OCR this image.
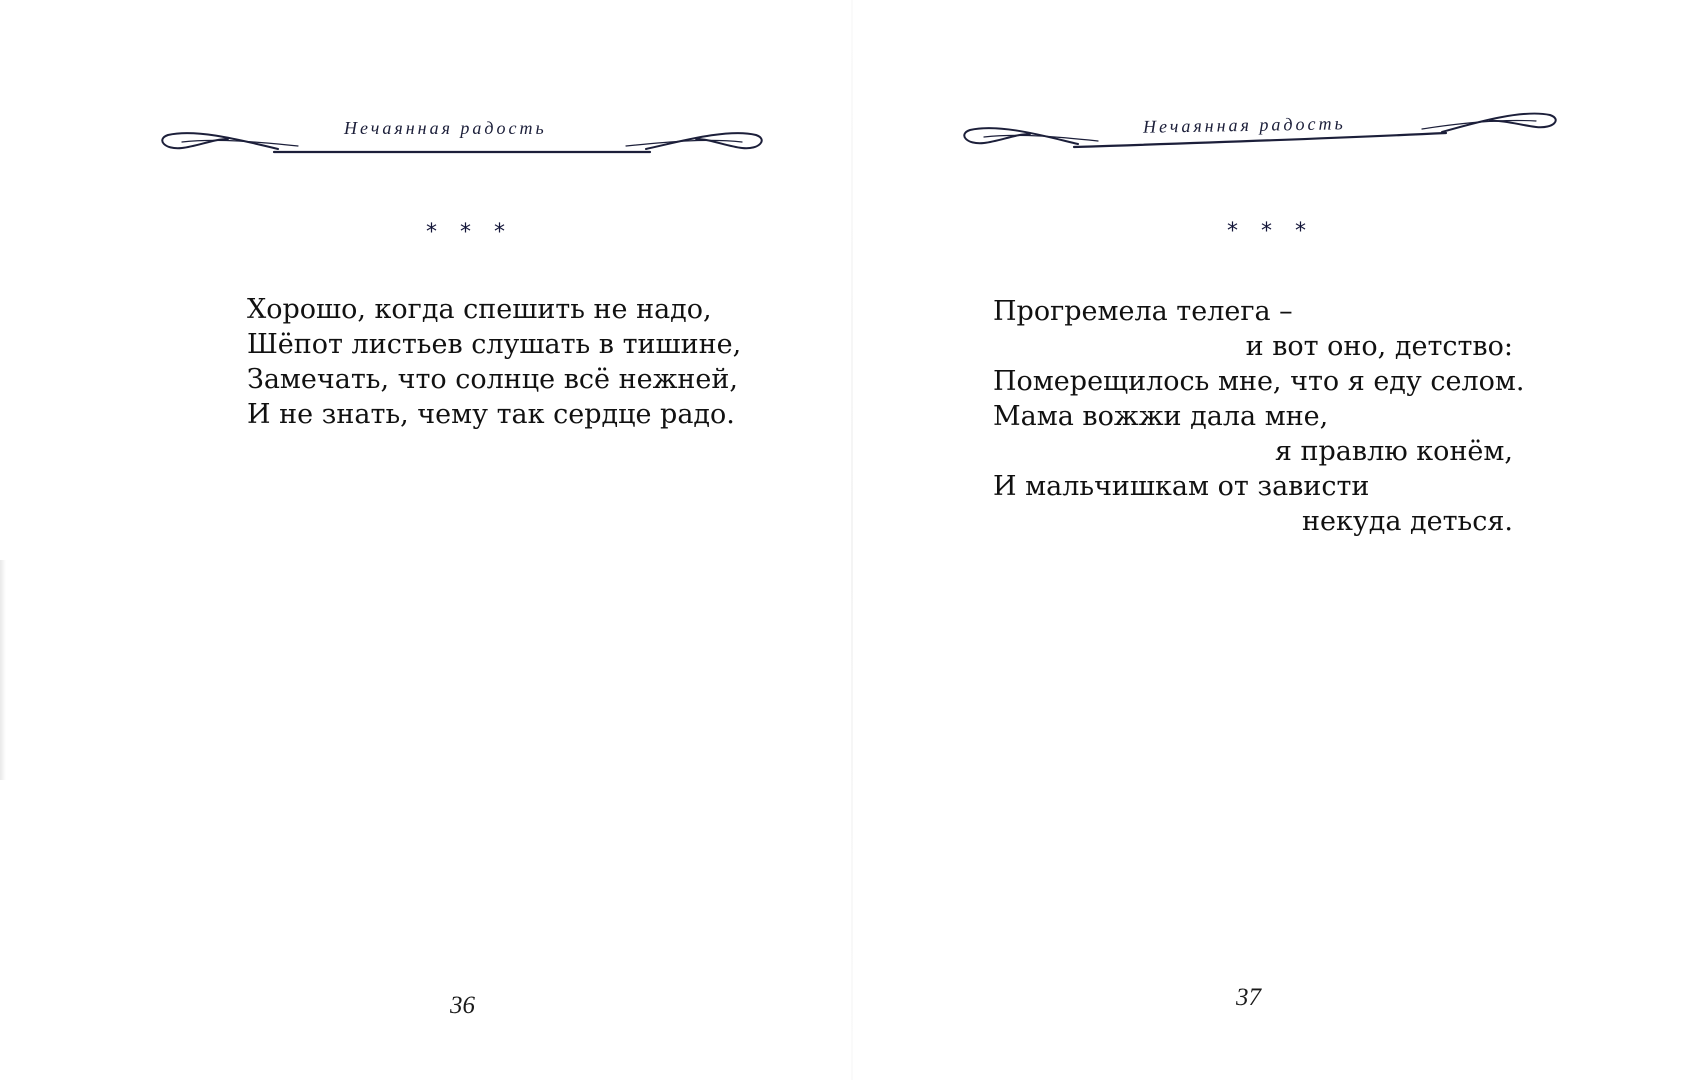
Нечаянная радость
* * *
Хорошо, когда спешить не надо,
Шёпот листьев слушать в тишине,
Замечать, что солнце всё нежней,
И не знать, чему так сердце радо.
36
Нечаянная радость
* * *
Прогремела телега –
и вот оно, детство:
Померещилось мне, что я еду селом.
Мама вожжи дала мне,
я правлю конём,
И мальчишкам от зависти
некуда деться.
37
